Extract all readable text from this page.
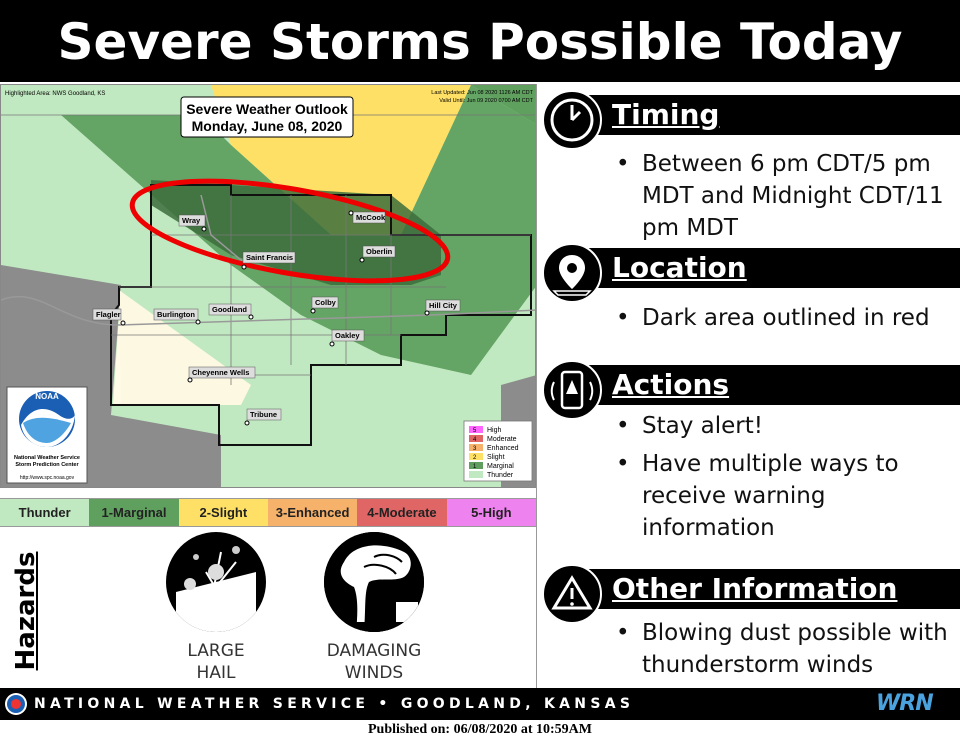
Severe Storms Possible Today
Highlighted Area: NWS Goodland, KS	Last Updated: Jun 08 2020 1126 AM CDT
Valid Until: Jun 09 2020 0700 AM CDT
Severe Weather Outlook
Monday, June 08, 2020
Wray	McCook
Oberlin
Saint Francis
Flagler	Burlington
Goodland
Colby	Hill City
Oakley
Cheyenne Wells
Tribune
NOAA
National Weather Service
Storm Prediction Center
http://www.spc.noaa.gov
5 High
4 Moderate
3 Enhanced
2 Slight
1 Marginal
Thunder
Thunder	1-Marginal	2-Slight	3-Enhanced	4-Moderate	5-High
Hazards	LARGE
HAIL
DAMAGING
WINDS
Timing
• Between 6 pm CDT/5 pm MDT and Midnight CDT/11 pm MDT
Location
• Dark area outlined in red
Actions
• Stay alert!
• Have multiple ways to receive warning information
Other Information
• Blowing dust possible with thunderstorm winds
NATIONAL WEATHER SERVICE • GOODLAND, KANSAS	WRN
Published on: 06/08/2020 at 10:59AM
